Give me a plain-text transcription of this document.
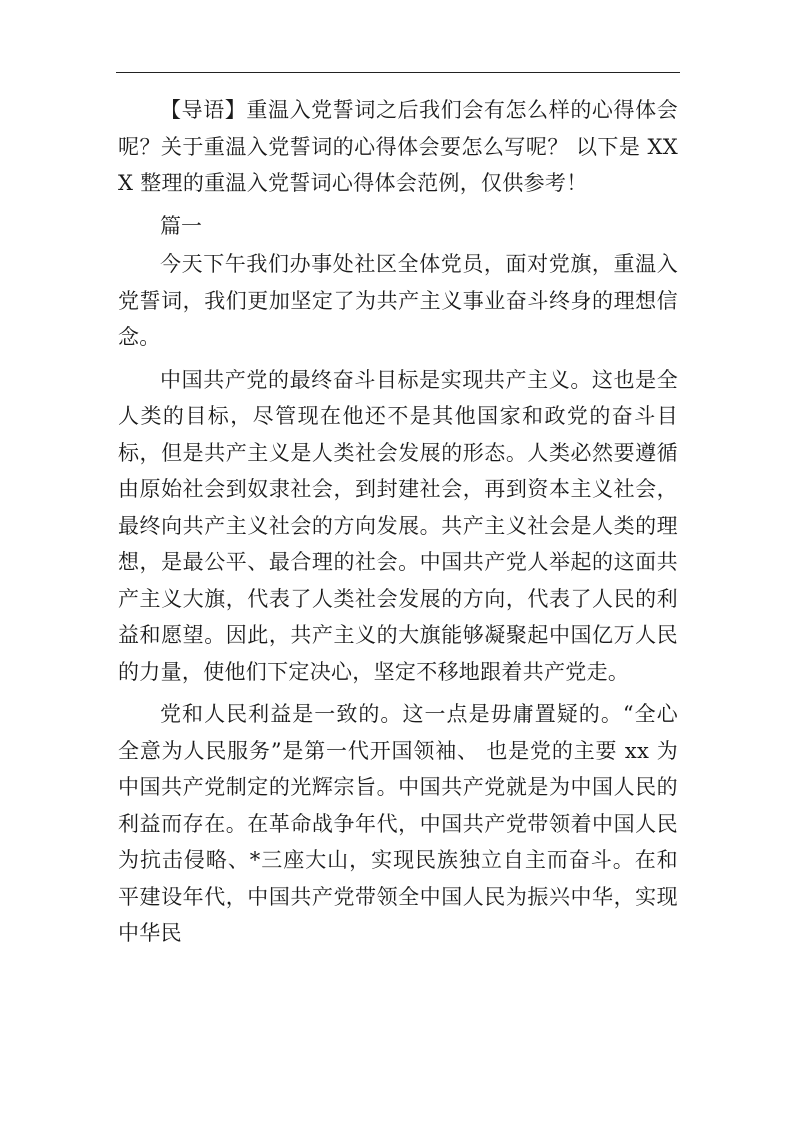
【导语】重温入党誓词之后我们会有怎么样的心得体会呢？关于重温入党誓词的心得体会要怎么写呢？ 以下是 XXX 整理的重温入党誓词心得体会范例，仅供参考！

篇一

今天下午我们办事处社区全体党员，面对党旗，重温入党誓词，我们更加坚定了为共产主义事业奋斗终身的理想信念。

中国共产党的最终奋斗目标是实现共产主义。这也是全人类的目标，尽管现在他还不是其他国家和政党的奋斗目标，但是共产主义是人类社会发展的形态。人类必然要遵循由原始社会到奴隶社会，到封建社会，再到资本主义社会，最终向共产主义社会的方向发展。共产主义社会是人类的理想，是最公平、最合理的社会。中国共产党人举起的这面共产主义大旗，代表了人类社会发展的方向，代表了人民的利益和愿望。因此，共产主义的大旗能够凝聚起中国亿万人民的力量，使他们下定决心，坚定不移地跟着共产党走。

党和人民利益是一致的。这一点是毋庸置疑的。“全心全意为人民服务”是第一代开国领袖、 也是党的主要 xx 为中国共产党制定的光辉宗旨。中国共产党就是为中国人民的利益而存在。在革命战争年代，中国共产党带领着中国人民为抗击侵略、*三座大山，实现民族独立自主而奋斗。在和平建设年代，中国共产党带领全中国人民为振兴中华，实现中华民
